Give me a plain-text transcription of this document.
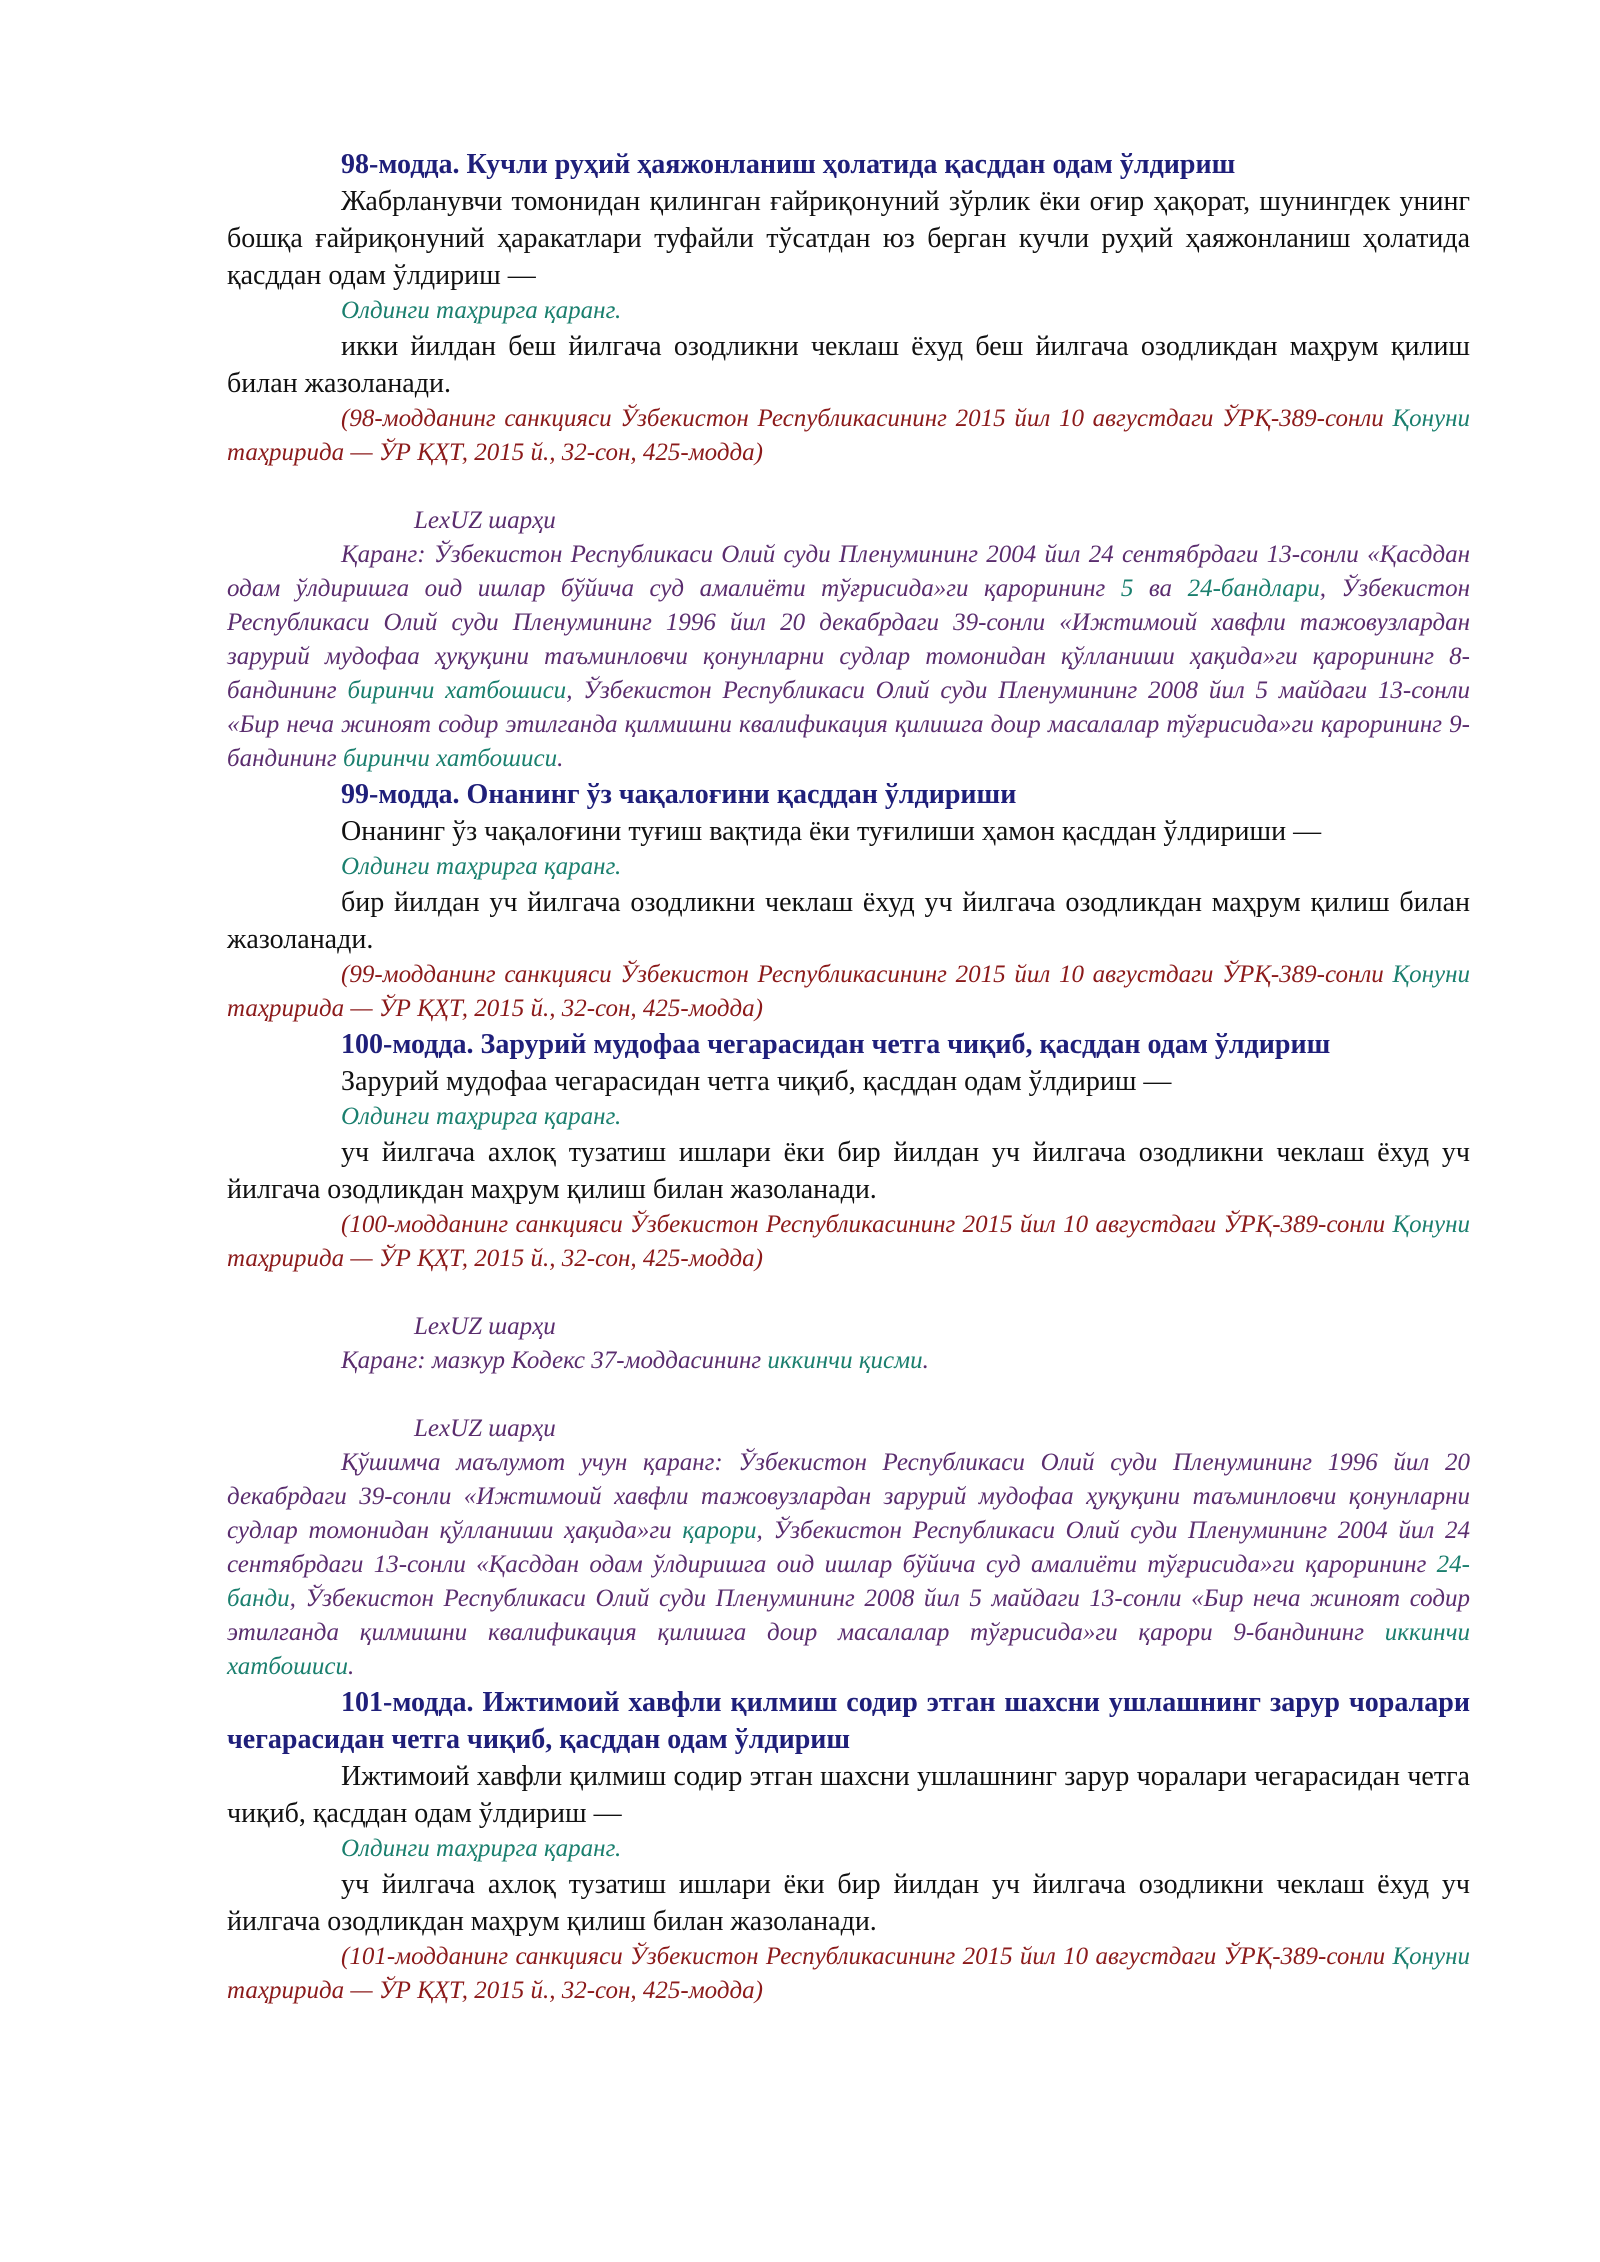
98-модда. Кучли руҳий ҳаяжонланиш ҳолатида қасддан одам ўлдириш

Жабрланувчи томонидан қилинган ғайриқонуний зўрлик ёки оғир ҳақорат, шунингдек унинг бошқа ғайриқонуний ҳаракатлари туфайли тўсатдан юз берган кучли руҳий ҳаяжонланиш ҳолатида қасддан одам ўлдириш —

Олдинги таҳрирга қаранг.

икки йилдан беш йилгача озодликни чеклаш ёхуд беш йилгача озодликдан маҳрум қилиш билан жазоланади.

(98-модданинг санкцияси Ўзбекистон Республикасининг 2015 йил 10 августдаги ЎРҚ-389-сонли Қонуни таҳририда — ЎР ҚҲТ, 2015 й., 32-сон, 425-модда)

LexUZ шарҳи

Қаранг: Ўзбекистон Республикаси Олий суди Пленумининг 2004 йил 24 сентябрдаги 13-сонли «Қасддан одам ўлдиришга оид ишлар бўйича суд амалиёти тўғрисида»ги қарорининг 5 ва 24-бандлари, Ўзбекистон Республикаси Олий суди Пленумининг 1996 йил 20 декабрдаги 39-сонли «Ижтимоий хавфли тажовузлардан зарурий мудофаа ҳуқуқини таъминловчи қонунларни судлар томонидан қўлланиши ҳақида»ги қарорининг 8-бандининг биринчи хатбошиси, Ўзбекистон Республикаси Олий суди Пленумининг 2008 йил 5 майдаги 13-сонли «Бир неча жиноят содир этилганда қилмишни квалификация қилишга доир масалалар тўғрисида»ги қарорининг 9-бандининг биринчи хатбошиси.

99-модда. Онанинг ўз чақалоғини қасддан ўлдириши

Онанинг ўз чақалоғини туғиш вақтида ёки туғилиши ҳамон қасддан ўлдириши —

Олдинги таҳрирга қаранг.

бир йилдан уч йилгача озодликни чеклаш ёхуд уч йилгача озодликдан маҳрум қилиш билан жазоланади.

(99-модданинг санкцияси Ўзбекистон Республикасининг 2015 йил 10 августдаги ЎРҚ-389-сонли Қонуни таҳририда — ЎР ҚҲТ, 2015 й., 32-сон, 425-модда)

100-модда. Зарурий мудофаа чегарасидан четга чиқиб, қасддан одам ўлдириш

Зарурий мудофаа чегарасидан четга чиқиб, қасддан одам ўлдириш —

Олдинги таҳрирга қаранг.

уч йилгача ахлоқ тузатиш ишлари ёки бир йилдан уч йилгача озодликни чеклаш ёхуд уч йилгача озодликдан маҳрум қилиш билан жазоланади.

(100-модданинг санкцияси Ўзбекистон Республикасининг 2015 йил 10 августдаги ЎРҚ-389-сонли Қонуни таҳририда — ЎР ҚҲТ, 2015 й., 32-сон, 425-модда)

LexUZ шарҳи

Қаранг: мазкур Кодекс 37-моддасининг иккинчи қисми.

LexUZ шарҳи

Қўшимча маълумот учун қаранг: Ўзбекистон Республикаси Олий суди Пленумининг 1996 йил 20 декабрдаги 39-сонли «Ижтимоий хавфли тажовузлардан зарурий мудофаа ҳуқуқини таъминловчи қонунларни судлар томонидан қўлланиши ҳақида»ги қарори, Ўзбекистон Республикаси Олий суди Пленумининг 2004 йил 24 сентябрдаги 13-сонли «Қасддан одам ўлдиришга оид ишлар бўйича суд амалиёти тўғрисида»ги қарорининг 24-банди, Ўзбекистон Республикаси Олий суди Пленумининг 2008 йил 5 майдаги 13-сонли «Бир неча жиноят содир этилганда қилмишни квалификация қилишга доир масалалар тўғрисида»ги қарори 9-бандининг иккинчи хатбошиси.

101-модда. Ижтимоий хавфли қилмиш содир этган шахсни ушлашнинг зарур чоралари чегарасидан четга чиқиб, қасддан одам ўлдириш

Ижтимоий хавфли қилмиш содир этган шахсни ушлашнинг зарур чоралари чегарасидан четга чиқиб, қасддан одам ўлдириш —

Олдинги таҳрирга қаранг.

уч йилгача ахлоқ тузатиш ишлари ёки бир йилдан уч йилгача озодликни чеклаш ёхуд уч йилгача озодликдан маҳрум қилиш билан жазоланади.

(101-модданинг санкцияси Ўзбекистон Республикасининг 2015 йил 10 августдаги ЎРҚ-389-сонли Қонуни таҳририда — ЎР ҚҲТ, 2015 й., 32-сон, 425-модда)
